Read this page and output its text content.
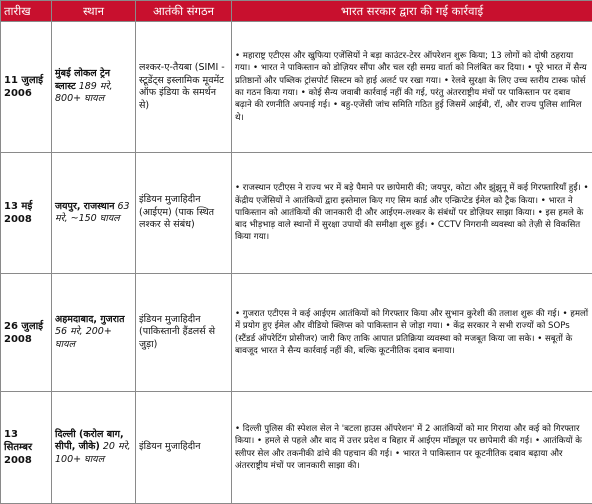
तारीख	स्थान	आतंकी संगठन	भारत सरकार द्वारा की गई कार्रवाई
11 जुलाई 2006	मुंबई लोकल ट्रेन ब्लास्ट 189 मरे, 800+ घायल	लश्कर-ए-तैयबा (SIMI - स्टूडेंट्स इस्लामिक मूवमेंट ऑफ इंडिया के समर्थन से)	• महाराष्ट्र एटीएस और खुफिया एजेंसियों ने बड़ा काउंटर-टेरर ऑपरेशन शुरू किया; 13 लोगों को दोषी ठहराया गया। • भारत ने पाकिस्तान को डोज़ियर सौंपा और चल रही समग्र वार्ता को निलंबित कर दिया। • पूरे भारत में सैन्य प्रतिष्ठानों और पब्लिक ट्रांसपोर्ट सिस्टम को हाई अलर्ट पर रखा गया। • रेलवे सुरक्षा के लिए उच्च स्तरीय टास्क फोर्स का गठन किया गया। • कोई सैन्य जवाबी कार्रवाई नहीं की गई, परंतु अंतरराष्ट्रीय मंचों पर पाकिस्तान पर दबाव बढ़ाने की रणनीति अपनाई गई। • बहु-एजेंसी जांच समिति गठित हुई जिसमें आईबी, रॉ, और राज्य पुलिस शामिल थे।
13 मई 2008	जयपुर, राजस्थान 63 मरे, ~150 घायल	इंडियन मुजाहिदीन (आईएम) (पाक स्थित लश्कर से संबंध)	• राजस्थान एटीएस ने राज्य भर में बड़े पैमाने पर छापेमारी की; जयपुर, कोटा और झुंझुनू में कई गिरफ्तारियाँ हुईं। • केंद्रीय एजेंसियों ने आतंकियों द्वारा इस्तेमाल किए गए सिम कार्ड और एन्क्रिप्टेड ईमेल को ट्रैक किया। • भारत ने पाकिस्तान को आतंकियों की जानकारी दी और आईएम-लश्कर के संबंधों पर डोज़ियर साझा किया। • इस हमले के बाद भीड़भाड़ वाले स्थानों में सुरक्षा उपायों की समीक्षा शुरू हुई। • CCTV निगरानी व्यवस्था को तेज़ी से विकसित किया गया।
26 जुलाई 2008	अहमदाबाद, गुजरात 56 मरे, 200+ घायल	इंडियन मुजाहिदीन (पाकिस्तानी हैंडलर्स से जुड़ा)	• गुजरात एटीएस ने कई आईएम आतंकियों को गिरफ्तार किया और सुभान कुरेशी की तलाश शुरू की गई। • हमलों में प्रयोग हुए ईमेल और वीडियो क्लिप्स को पाकिस्तान से जोड़ा गया। • केंद्र सरकार ने सभी राज्यों को SOPs (स्टैंडर्ड ऑपरेटिंग प्रोसीजर) जारी किए ताकि आपात प्रतिक्रिया व्यवस्था को मजबूत किया जा सके। • सबूतों के बावजूद भारत ने सैन्य कार्रवाई नहीं की, बल्कि कूटनीतिक दबाव बनाया।
13 सितम्बर 2008	दिल्ली (करोल बाग, सीपी, जीके) 20 मरे, 100+ घायल	इंडियन मुजाहिदीन	• दिल्ली पुलिस की स्पेशल सेल ने 'बटला हाउस ऑपरेशन' में 2 आतंकियों को मार गिराया और कई को गिरफ्तार किया। • हमले से पहले और बाद में उत्तर प्रदेश व बिहार में आईएम मॉड्यूल पर छापेमारी की गई। • आतंकियों के स्लीपर सेल और तकनीकी ढांचे की पहचान की गई। • भारत ने पाकिस्तान पर कूटनीतिक दबाव बढ़ाया और अंतरराष्ट्रीय मंचों पर जानकारी साझा की।
